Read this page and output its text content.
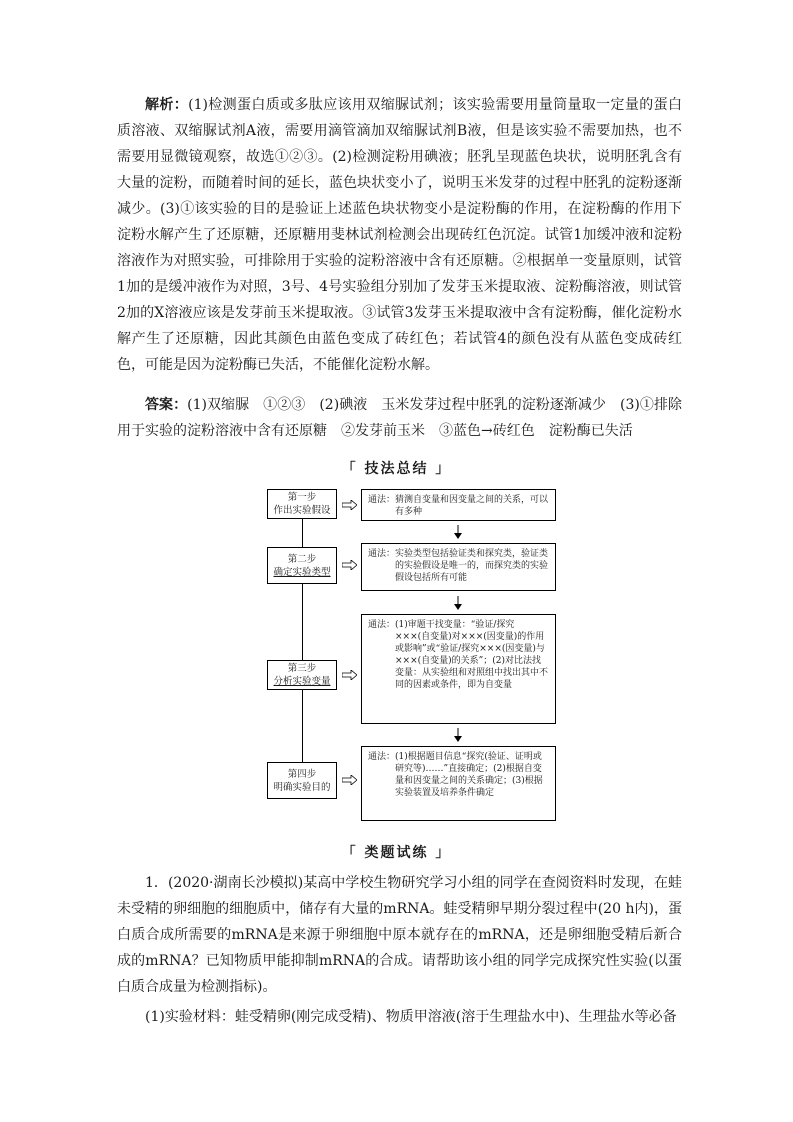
解析：(1)检测蛋白质或多肽应该用双缩脲试剂；该实验需要用量筒量取一定量的蛋白质溶液、双缩脲试剂A液，需要用滴管滴加双缩脲试剂B液，但是该实验不需要加热，也不需要用显微镜观察，故选①②③。(2)检测淀粉用碘液；胚乳呈现蓝色块状，说明胚乳含有大量的淀粉，而随着时间的延长，蓝色块状变小了，说明玉米发芽的过程中胚乳的淀粉逐渐减少。(3)①该实验的目的是验证上述蓝色块状物变小是淀粉酶的作用，在淀粉酶的作用下淀粉水解产生了还原糖，还原糖用斐林试剂检测会出现砖红色沉淀。试管1加缓冲液和淀粉溶液作为对照实验，可排除用于实验的淀粉溶液中含有还原糖。②根据单一变量原则，试管1加的是缓冲液作为对照，3号、4号实验组分别加了发芽玉米提取液、淀粉酶溶液，则试管2加的X溶液应该是发芽前玉米提取液。③试管3发芽玉米提取液中含有淀粉酶，催化淀粉水解产生了还原糖，因此其颜色由蓝色变成了砖红色；若试管4的颜色没有从蓝色变成砖红色，可能是因为淀粉酶已失活，不能催化淀粉水解。

答案：(1)双缩脲　①②③　(2)碘液　玉米发芽过程中胚乳的淀粉逐渐减少　(3)①排除用于实验的淀粉溶液中含有还原糖　②发芽前玉米　③蓝色→砖红色　淀粉酶已失活

「 技法总结 」
第一步
作出实验假设
第二步
确定实验类型
第三步
分析实验变量
第四步
明确实验目的
通法： 猜测自变量和因变量之间的关系，可以有多种
通法： 实验类型包括验证类和探究类，验证类的实验假设是唯一的，而探究类的实验假设包括所有可能
通法： (1)审题干找变量：“验证/探究×××(自变量)对×××(因变量)的作用或影响”或“验证/探究×××(因变量)与×××(自变量)的关系”；(2)对比法找变量：从实验组和对照组中找出其中不同的因素或条件，即为自变量
通法： (1)根据题目信息“探究(验证、证明或研究等)……”直接确定；(2)根据自变量和因变量之间的关系确定；(3)根据实验装置及培养条件确定
「 类题试练 」

1．(2020·湖南长沙模拟)某高中学校生物研究学习小组的同学在查阅资料时发现，在蛙未受精的卵细胞的细胞质中，储存有大量的mRNA。蛙受精卵早期分裂过程中(20 h内)，蛋白质合成所需要的mRNA是来源于卵细胞中原本就存在的mRNA，还是卵细胞受精后新合成的mRNA？已知物质甲能抑制mRNA的合成。请帮助该小组的同学完成探究性实验(以蛋白质合成量为检测指标)。

(1)实验材料：蛙受精卵(刚完成受精)、物质甲溶液(溶于生理盐水中)、生理盐水等必备
